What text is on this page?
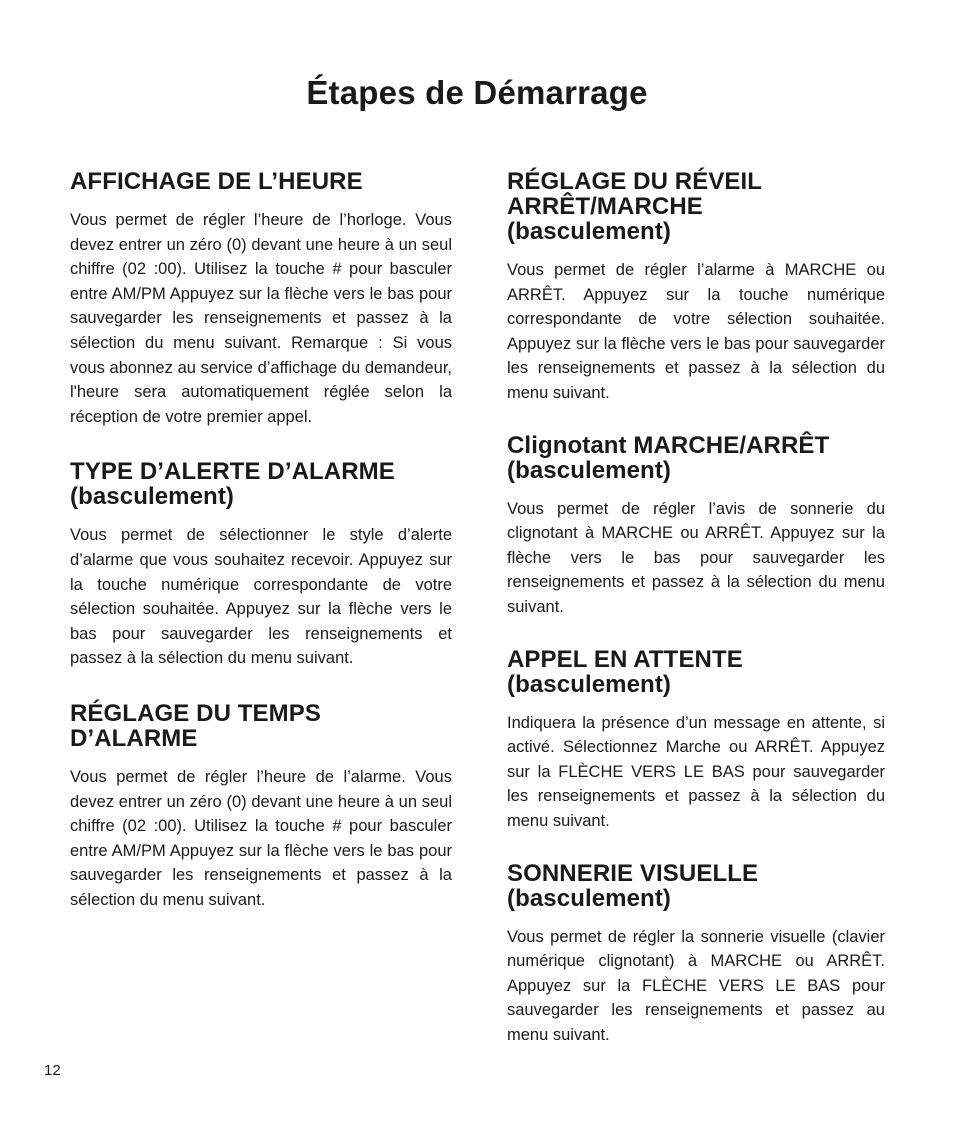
Étapes de Démarrage
AFFICHAGE DE L’HEURE

Vous permet de régler l’heure de l’horloge. Vous devez entrer un zéro (0) devant une heure à un seul chiffre (02 :00). Utilisez la touche # pour basculer entre AM/PM Appuyez sur la flèche vers le bas pour sauvegarder les renseignements et passez à la sélection du menu suivant. Remarque : Si vous vous abonnez au service d’affichage du demandeur, l'heure sera automatiquement réglée selon la réception de votre premier appel.

TYPE D’ALERTE D’ALARME
(basculement)

Vous permet de sélectionner le style d’alerte d’alarme que vous souhaitez recevoir. Appuyez sur la touche numérique correspondante de votre sélection souhaitée. Appuyez sur la flèche vers le bas pour sauvegarder les renseignements et passez à la sélection du menu suivant.

RÉGLAGE DU TEMPS
D’ALARME

Vous permet de régler l’heure de l’alarme. Vous devez entrer un zéro (0) devant une heure à un seul chiffre (02 :00). Utilisez la touche # pour basculer entre AM/PM Appuyez sur la flèche vers le bas pour sauvegarder les renseignements et passez à la sélection du menu suivant.

RÉGLAGE DU RÉVEIL
ARRÊT/MARCHE
(basculement)

Vous permet de régler l’alarme à MARCHE ou ARRÊT. Appuyez sur la touche numérique correspondante de votre sélection souhaitée. Appuyez sur la flèche vers le bas pour sauvegarder les renseignements et passez à la sélection du menu suivant.

Clignotant MARCHE/ARRÊT
(basculement)

Vous permet de régler l’avis de sonnerie du clignotant à MARCHE ou ARRÊT. Appuyez sur la flèche vers le bas pour sauvegarder les renseignements et passez à la sélection du menu suivant.

APPEL EN ATTENTE
(basculement)

Indiquera la présence d’un message en attente, si activé. Sélectionnez Marche ou ARRÊT. Appuyez sur la FLÈCHE VERS LE BAS pour sauvegarder les renseignements et passez à la sélection du menu suivant.

SONNERIE VISUELLE
(basculement)

Vous permet de régler la sonnerie visuelle (clavier numérique clignotant) à MARCHE ou ARRÊT. Appuyez sur la FLÈCHE VERS LE BAS pour sauvegarder les renseignements et passez au menu suivant.

12
